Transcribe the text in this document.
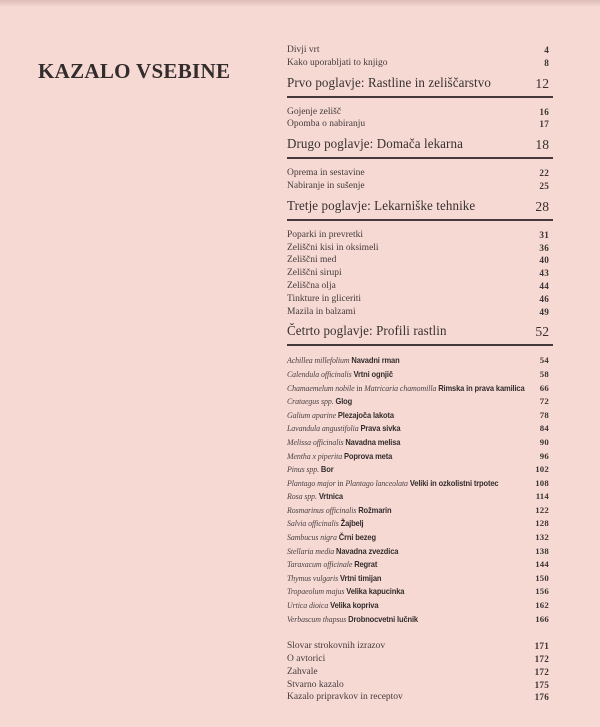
KAZALO VSEBINE
Divji vrt	4
Kako uporabljati to knjigo	8
Prvo poglavje: Rastline in zeliščarstvo	12
Gojenje zelišč	16
Opomba o nabiranju	17
Drugo poglavje: Domača lekarna	18
Oprema in sestavine	22
Nabiranje in sušenje	25
Tretje poglavje: Lekarniške tehnike	28
Poparki in prevretki	31
Zeliščni kisi in oksimeli	36
Zeliščni med	40
Zeliščni sirupi	43
Zeliščna olja	44
Tinkture in gliceriti	46
Mazila in balzami	49
Četrto poglavje: Profili rastlin	52
Achillea millefolium Navadni rman	54
Calendula officinalis Vrtni ognjič	58
Chamaemelum nobile in Matricaria chamomilla Rimska in prava kamilica 66
Crataegus spp. Glog	72
Galium aparine Plezajoča lakota	78
Lavandula angustifolia Prava sivka	84
Melissa officinalis Navadna melisa	90
Mentha x piperita Poprova meta	96
Pinus spp. Bor	102
Plantago major in Plantago lanceolata Veliki in ozkolistni trpotec	108
Rosa spp. Vrtnica	114
Rosmarinus officinalis Rožmarin	122
Salvia officinalis Žajbelj	128
Sambucus nigra Črni bezeg	132
Stellaria media Navadna zvezdica	138
Taraxacum officinale Regrat	144
Thymus vulgaris Vrtni timijan	150
Tropaeolum majus Velika kapucinka	156
Urtica dioica Velika kopriva	162
Verbascum thapsus Drobnocvetni lučnik	166
Slovar strokovnih izrazov	171
O avtorici	172
Zahvale	172
Stvarno kazalo	175
Kazalo pripravkov in receptov	176
